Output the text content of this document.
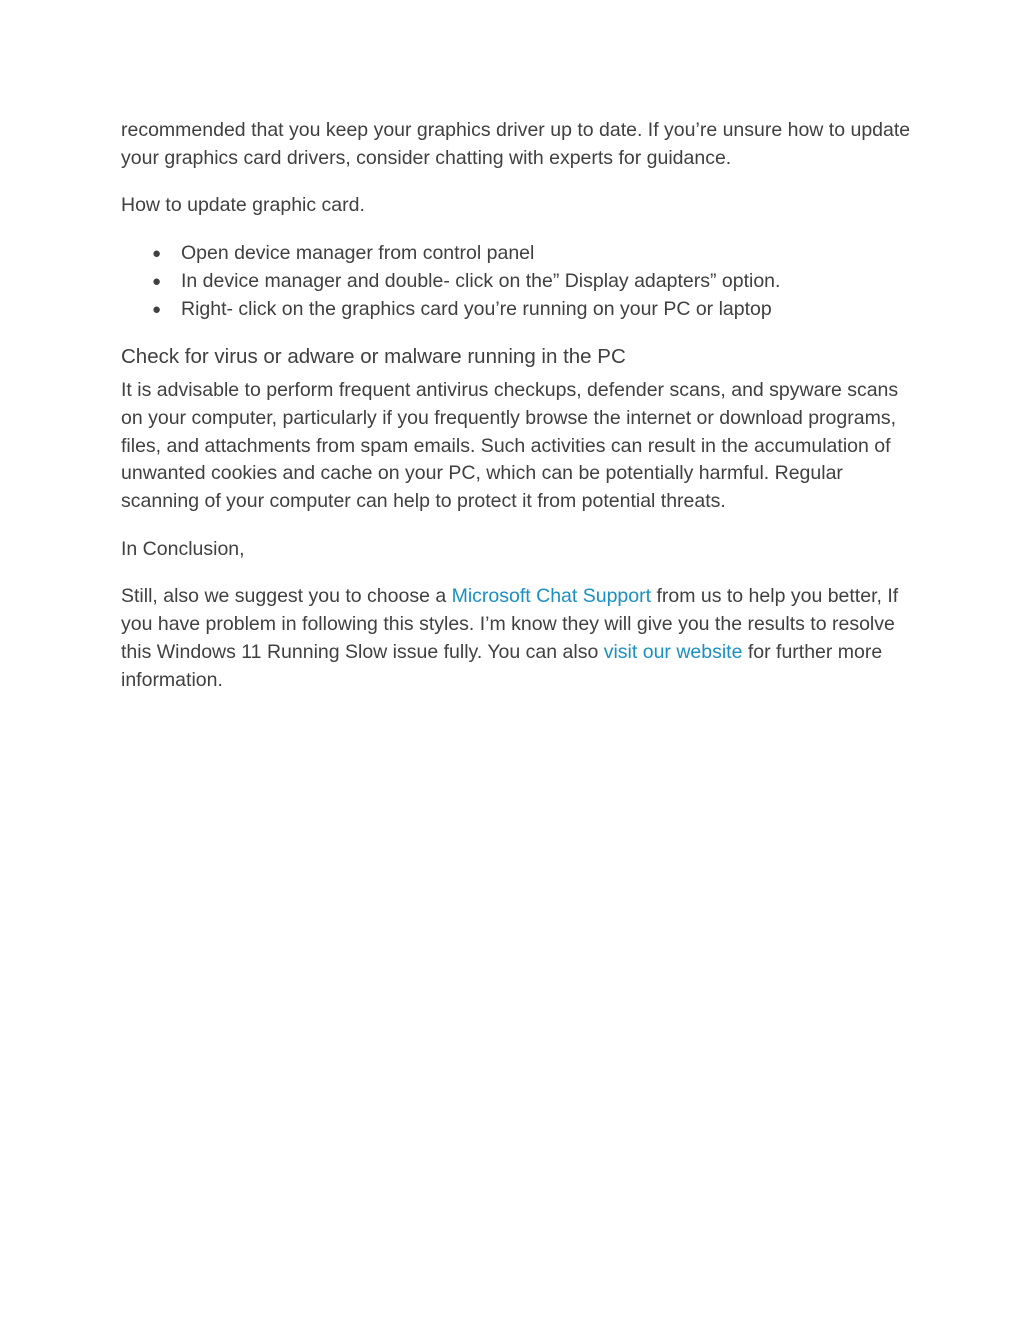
recommended that you keep your graphics driver up to date. If you’re unsure how to update your graphics card drivers, consider chatting with experts for guidance.

How to update graphic card.

● Open device manager from control panel
● In device manager and double- click on the” Display adapters” option.
● Right- click on the graphics card you’re running on your PC or laptop
Check for virus or adware or malware running in the PC

It is advisable to perform frequent antivirus checkups, defender scans, and spyware scans on your computer, particularly if you frequently browse the internet or download programs, files, and attachments from spam emails. Such activities can result in the accumulation of unwanted cookies and cache on your PC, which can be potentially harmful. Regular scanning of your computer can help to protect it from potential threats.

In Conclusion,

Still, also we suggest you to choose a Microsoft Chat Support from us to help you better, If you have problem in following this styles. I’m know they will give you the results to resolve this Windows 11 Running Slow issue fully. You can also visit our website for further more information.
